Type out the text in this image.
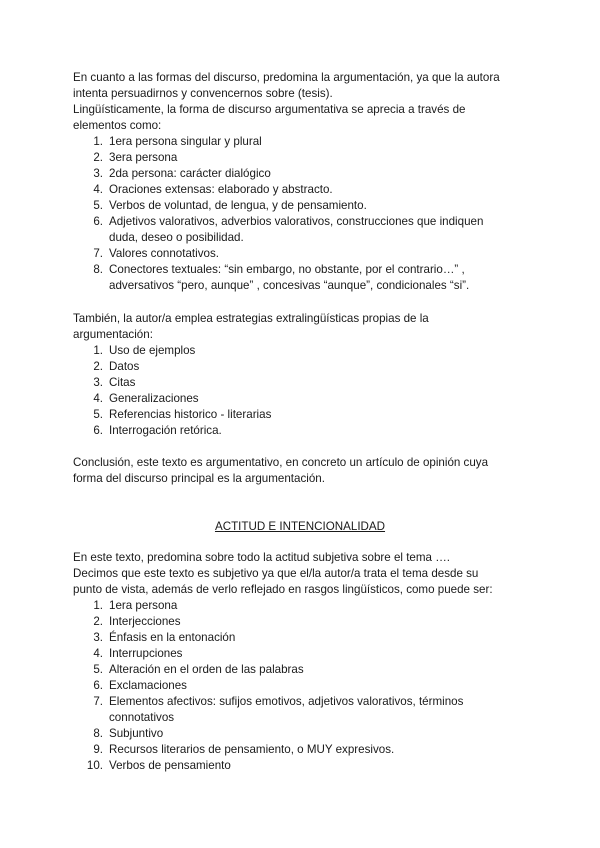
En cuanto a las formas del discurso, predomina la argumentación, ya que la autora

intenta persuadirnos y convencernos sobre (tesis).

Lingüísticamente, la forma de discurso argumentativa se aprecia a través de

elementos como:

1. 1era persona singular y plural
2. 3era persona
3. 2da persona: carácter dialógico
4. Oraciones extensas: elaborado y abstracto.
5. Verbos de voluntad, de lengua, y de pensamiento.
6. Adjetivos valorativos, adverbios valorativos, construcciones que indiquen
duda, deseo o posibilidad.
7. Valores connotativos.
8. Conectores textuales: “sin embargo, no obstante, por el contrario…” ,
adversativos “pero, aunque” , concesivas “aunque”, condicionales “si”.

También, la autor/a emplea estrategias extralingüísticas propias de la

argumentación:

1. Uso de ejemplos
2. Datos
3. Citas
4. Generalizaciones
5. Referencias historico - literarias
6. Interrogación retórica.

Conclusión, este texto es argumentativo, en concreto un artículo de opinión cuya

forma del discurso principal es la argumentación.

ACTITUD E INTENCIONALIDAD

En este texto, predomina sobre todo la actitud subjetiva sobre el tema ….

Decimos que este texto es subjetivo ya que el/la autor/a trata el tema desde su

punto de vista, además de verlo reflejado en rasgos lingüísticos, como puede ser:

1. 1era persona
2. Interjecciones
3. Énfasis en la entonación
4. Interrupciones
5. Alteración en el orden de las palabras
6. Exclamaciones
7. Elementos afectivos: sufijos emotivos, adjetivos valorativos, términos
connotativos
8. Subjuntivo
9. Recursos literarios de pensamiento, o MUY expresivos.
10. Verbos de pensamiento
